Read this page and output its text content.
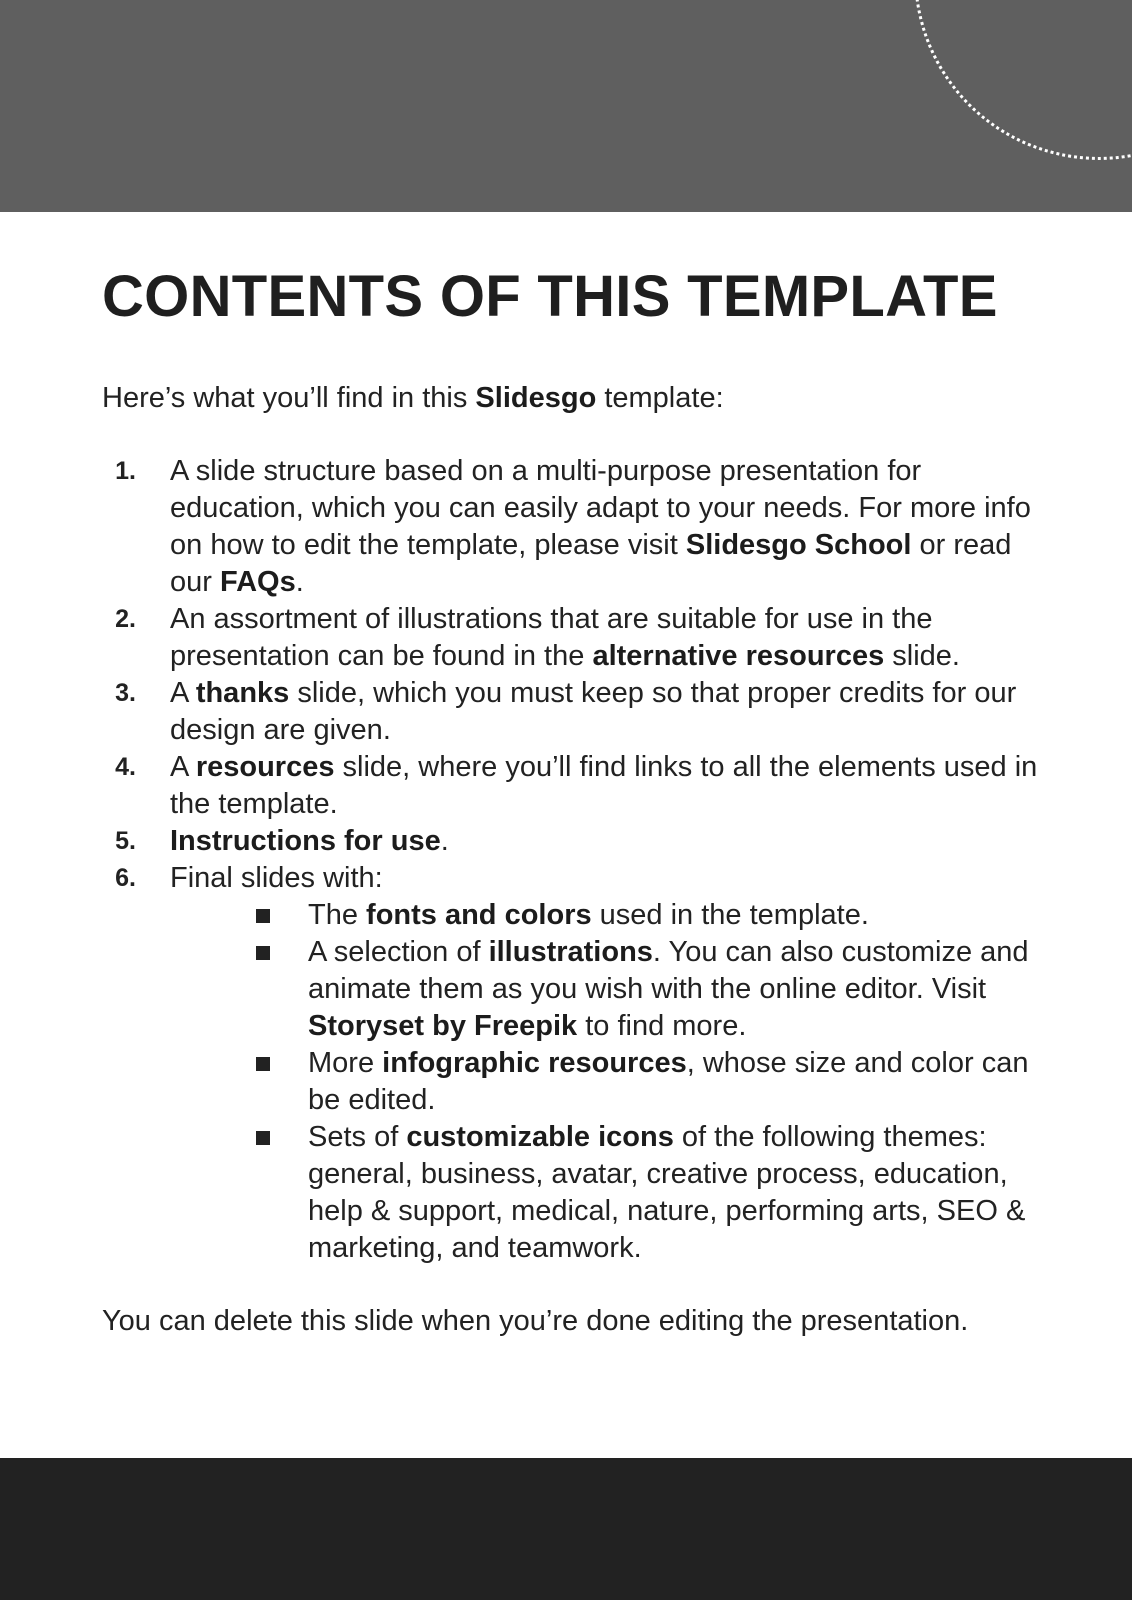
CONTENTS OF THIS TEMPLATE

Here’s what you’ll find in this Slidesgo template:

1. A slide structure based on a multi-purpose presentation for education, which you can easily adapt to your needs. For more info on how to edit the template, please visit Slidesgo School or read our FAQs.
2. An assortment of illustrations that are suitable for use in the presentation can be found in the alternative resources slide.
3. A thanks slide, which you must keep so that proper credits for our design are given.
4. A resources slide, where you’ll find links to all the elements used in the template.
5. Instructions for use.
6. Final slides with:
The fonts and colors used in the template.
A selection of illustrations. You can also customize and animate them as you wish with the online editor. Visit Storyset by Freepik to find more.
More infographic resources, whose size and color can be edited.
Sets of customizable icons of the following themes: general, business, avatar, creative process, education, help & support, medical, nature, performing arts, SEO & marketing, and teamwork.

You can delete this slide when you’re done editing the presentation.
